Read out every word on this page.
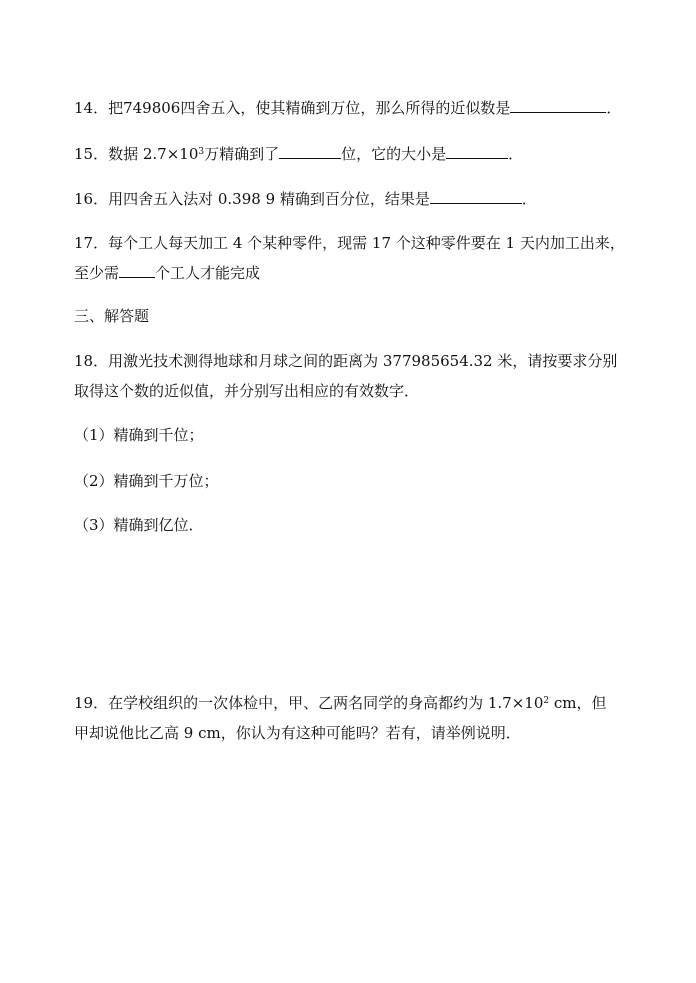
14．把749806四舍五入，使其精确到万位，那么所得的近似数是	．
15．数据 $2.7\times 10^3$万精确到了	位，它的大小是	．
16．用四舍五入法对 0.398 9 精确到百分位，结果是	．
17．每个工人每天加工 4 个某种零件，现需 17 个这种零件要在 1 天内加工出来，
至少需 个工人才能完成
三、解答题
18．用激光技术测得地球和月球之间的距离为 377985654.32 米，请按要求分别
取得这个数的近似值，并分别写出相应的有效数字．
（1）精确到千位；
（2）精确到千万位；
（3）精确到亿位．
19．在学校组织的一次体检中，甲、乙两名同学的身高都约为 $1.7\times 10^2$ cm，但
甲却说他比乙高 9 cm，你认为有这种可能吗？若有，请举例说明．
